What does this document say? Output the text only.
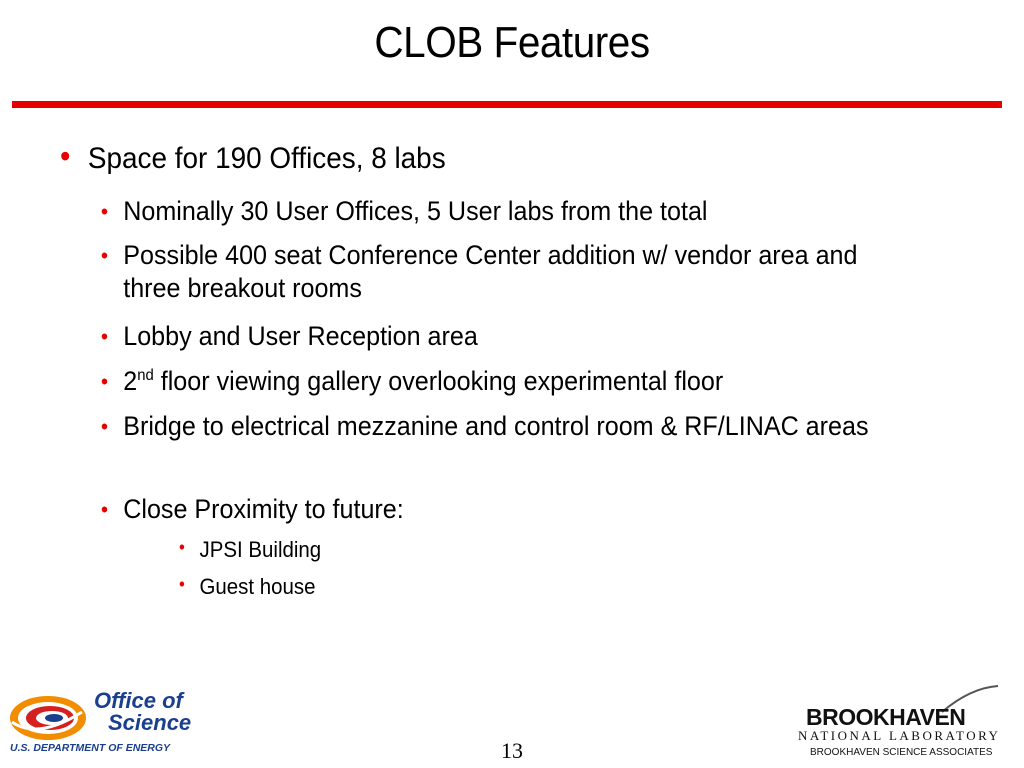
CLOB Features
• Space for 190 Offices, 8 labs
• Nominally 30 User Offices, 5 User labs from the total
• Possible 400 seat Conference Center addition w/ vendor area and three breakout rooms
• Lobby and User Reception area
• 2nd floor viewing gallery overlooking experimental floor
• Bridge to electrical mezzanine and control room & RF/LINAC areas
• Close Proximity to future:
• JPSI Building
• Guest house
Office of
Science
U.S. DEPARTMENT OF ENERGY	13
BROOKHAVEN
NATIONAL LABORATORY
BROOKHAVEN SCIENCE ASSOCIATES
